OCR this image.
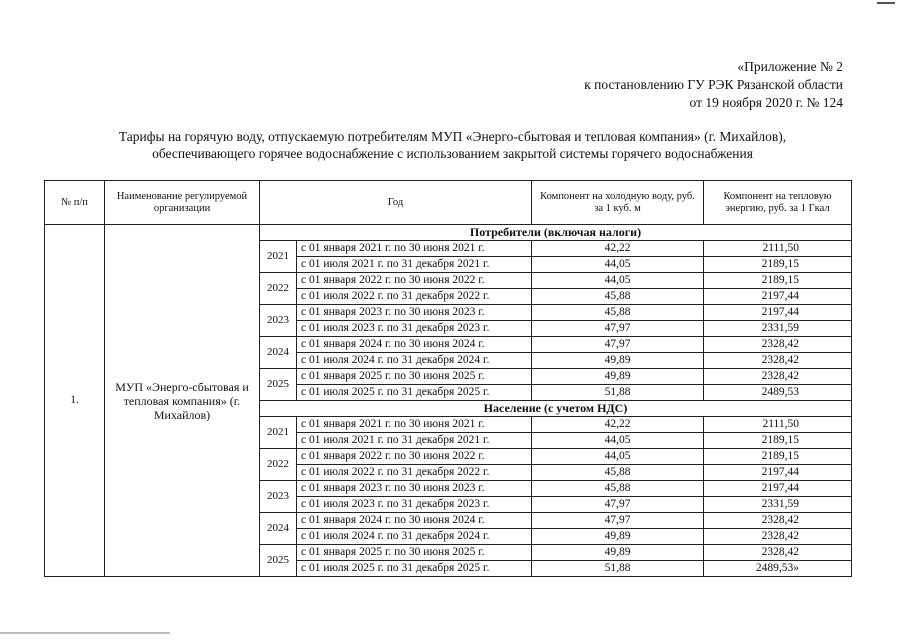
«Приложение № 2
к постановлению ГУ РЭК Рязанской области
от 19 ноября 2020 г. № 124
Тарифы на горячую воду, отпускаемую потребителям МУП «Энерго-сбытовая и тепловая компания» (г. Михайлов),
обеспечивающего горячее водоснабжение с использованием закрытой системы горячего водоснабжения
№ п/п	Наименование регулируемой организации	Год		Компонент на холодную воду, руб. за 1 куб. м	Компонент на тепловую энергию, руб. за 1 Гкал
1.	МУП «Энерго-сбытовая и тепловая компания» (г. Михайлов)	Потребители (включая налоги)			
		2021	с 01 января 2021 г. по 30 июня 2021 г.	42,22	2111,50
			с 01 июля 2021 г. по 31 декабря 2021 г.	44,05	2189,15
		2022	с 01 января 2022 г. по 30 июня 2022 г.	44,05	2189,15
			с 01 июля 2022 г. по 31 декабря 2022 г.	45,88	2197,44
		2023	с 01 января 2023 г. по 30 июня 2023 г.	45,88	2197,44
			с 01 июля 2023 г. по 31 декабря 2023 г.	47,97	2331,59
		2024	с 01 января 2024 г. по 30 июня 2024 г.	47,97	2328,42
			с 01 июля 2024 г. по 31 декабря 2024 г.	49,89	2328,42
		2025	с 01 января 2025 г. по 30 июня 2025 г.	49,89	2328,42
			с 01 июля 2025 г. по 31 декабря 2025 г.	51,88	2489,53
		Население (с учетом НДС)			
		2021	с 01 января 2021 г. по 30 июня 2021 г.	42,22	2111,50
			с 01 июля 2021 г. по 31 декабря 2021 г.	44,05	2189,15
		2022	с 01 января 2022 г. по 30 июня 2022 г.	44,05	2189,15
			с 01 июля 2022 г. по 31 декабря 2022 г.	45,88	2197,44
		2023	с 01 января 2023 г. по 30 июня 2023 г.	45,88	2197,44
			с 01 июля 2023 г. по 31 декабря 2023 г.	47,97	2331,59
		2024	с 01 января 2024 г. по 30 июня 2024 г.	47,97	2328,42
			с 01 июля 2024 г. по 31 декабря 2024 г.	49,89	2328,42
		2025	с 01 января 2025 г. по 30 июня 2025 г.	49,89	2328,42
			с 01 июля 2025 г. по 31 декабря 2025 г.	51,88	2489,53»
